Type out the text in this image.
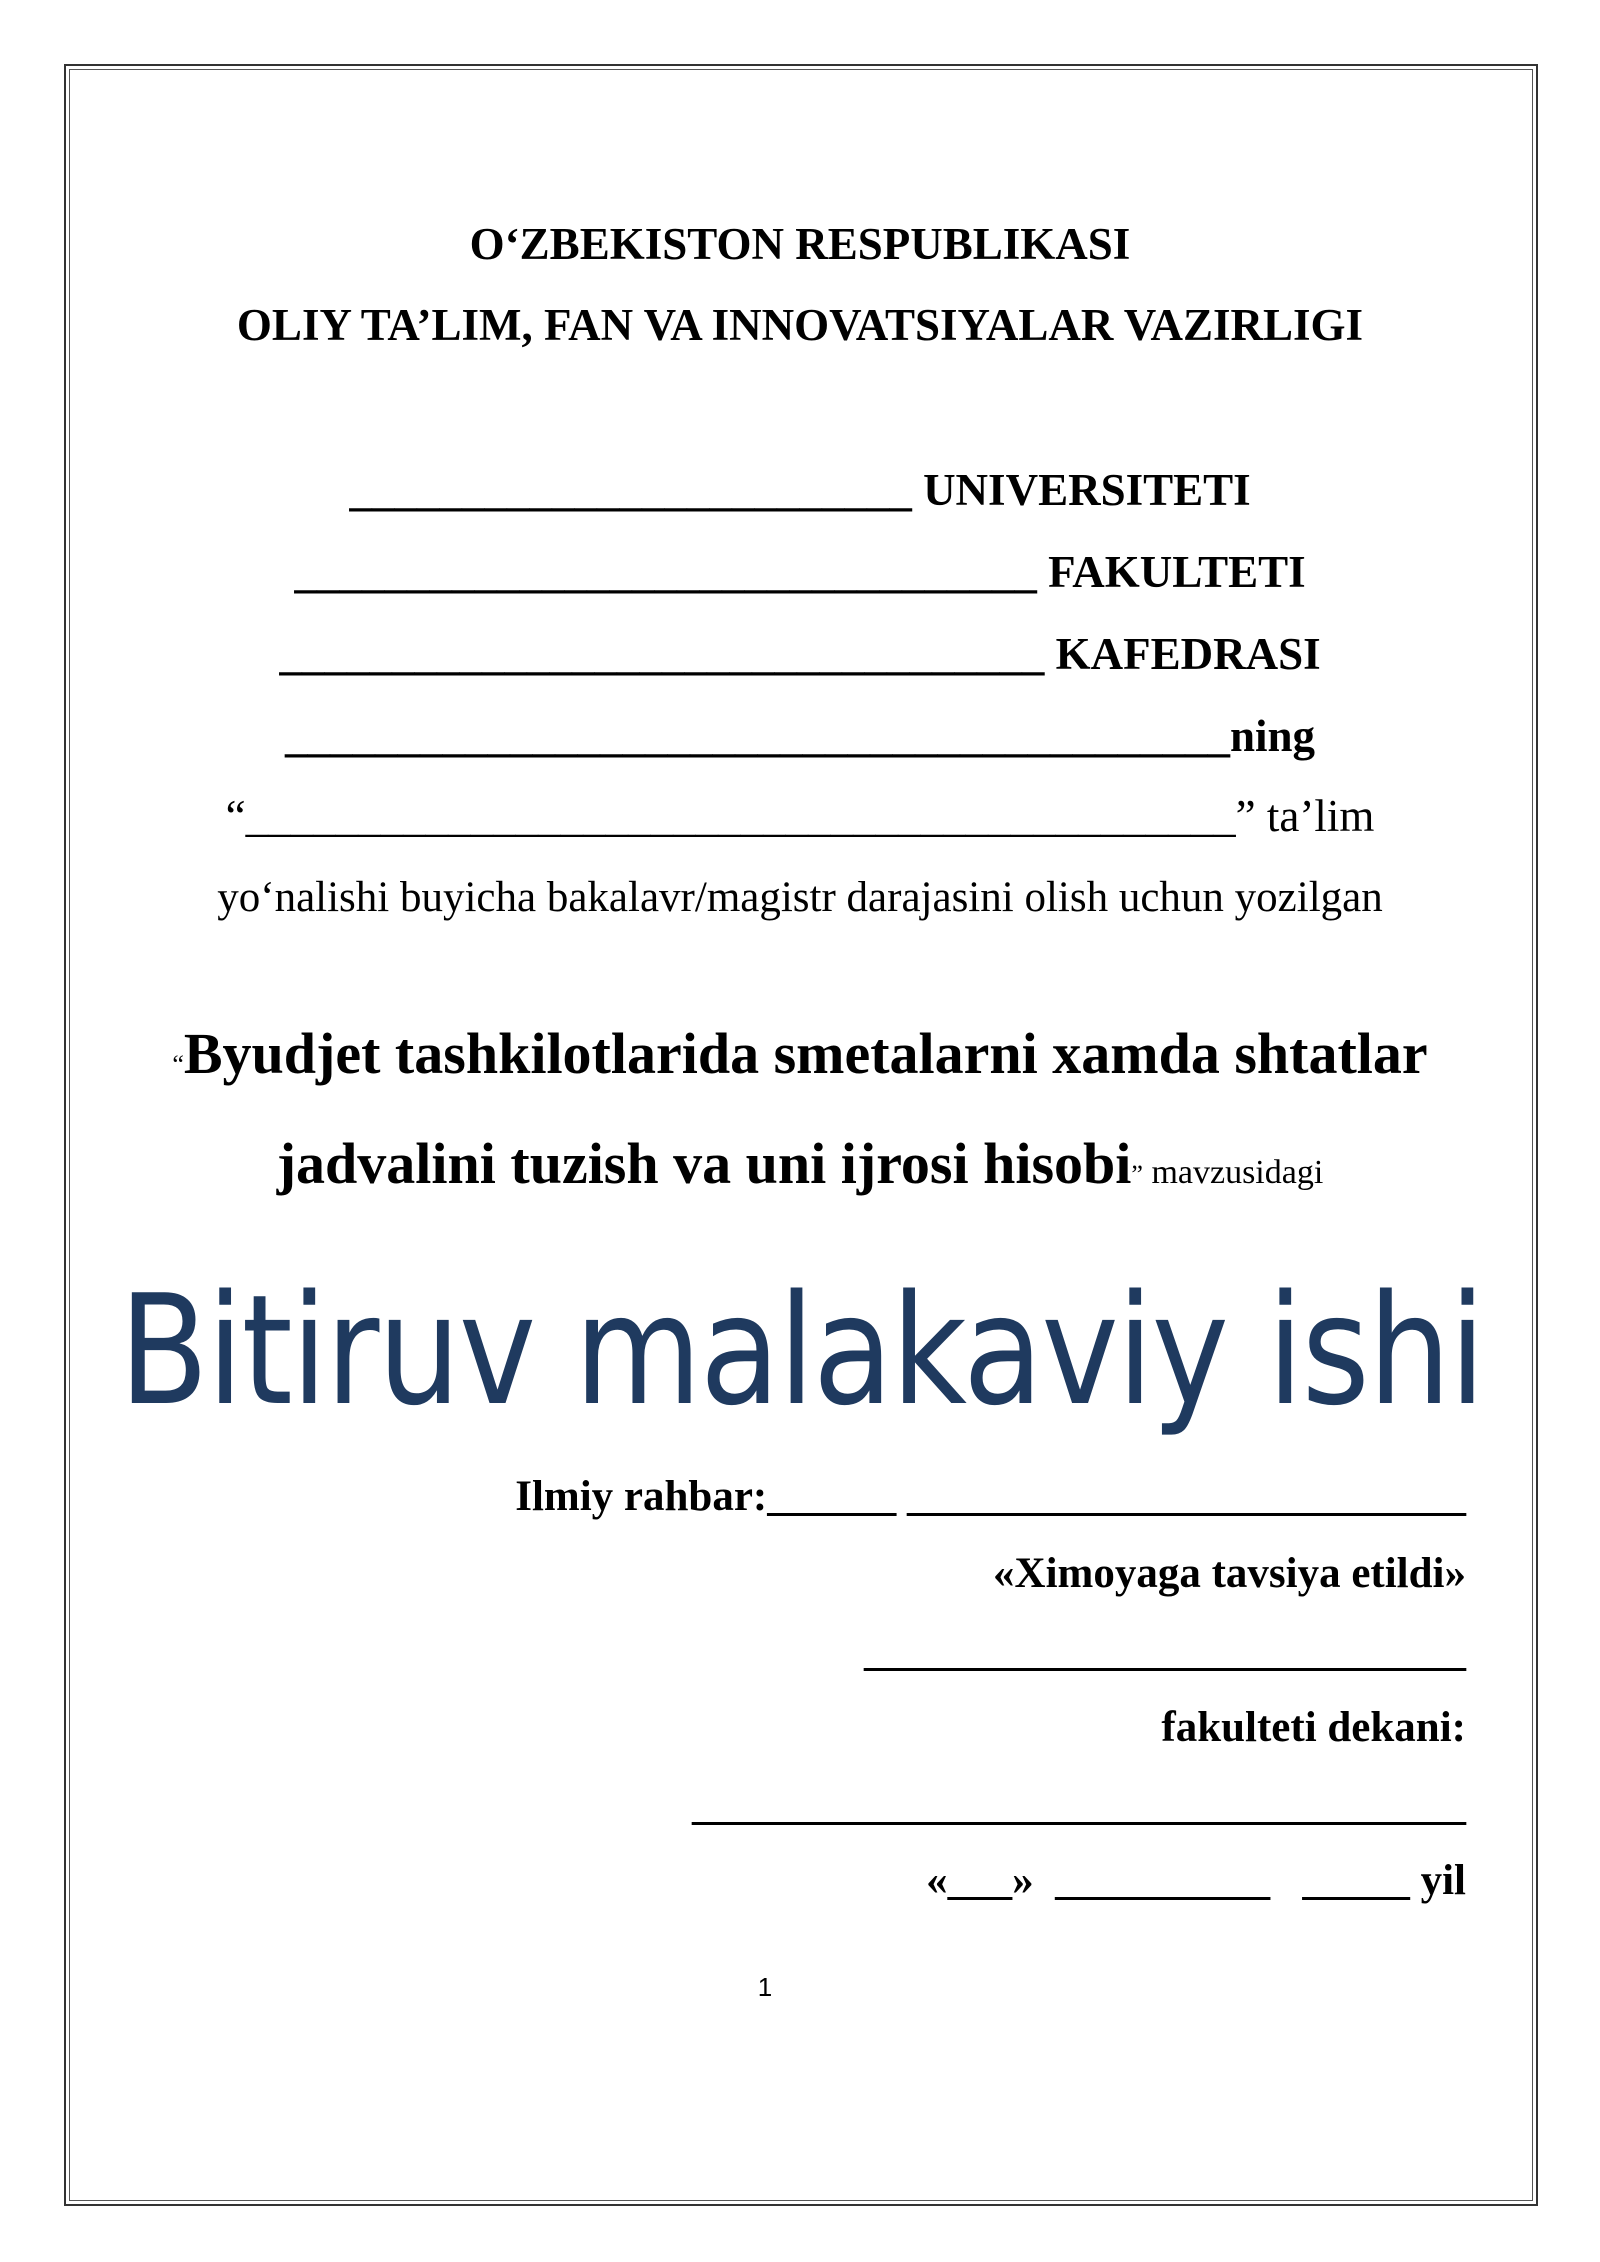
O‘ZBEKISTON RESPUBLIKASI
OLIY TA’LIM, FAN VA INNOVATSIYALAR VAZIRLIGI
_________________________ UNIVERSITETI
_________________________________ FAKULTETI
__________________________________ KAFEDRASI
__________________________________________ning
“____________________________________________” ta’lim
yo‘nalishi buyicha bakalavr/magistr darajasini olish uchun yozilgan
“Byudjet tashkilotlarida smetalarni xamda shtatlar
jadvalini tuzish va uni ijrosi hisobi” mavzusidagi
Bitiruv malakaviy ishi
Ilmiy rahbar:______ __________________________
«Ximoyaga tavsiya etildi»
____________________________
fakulteti dekani:
____________________________________
«___» __________ _____ yil
1
